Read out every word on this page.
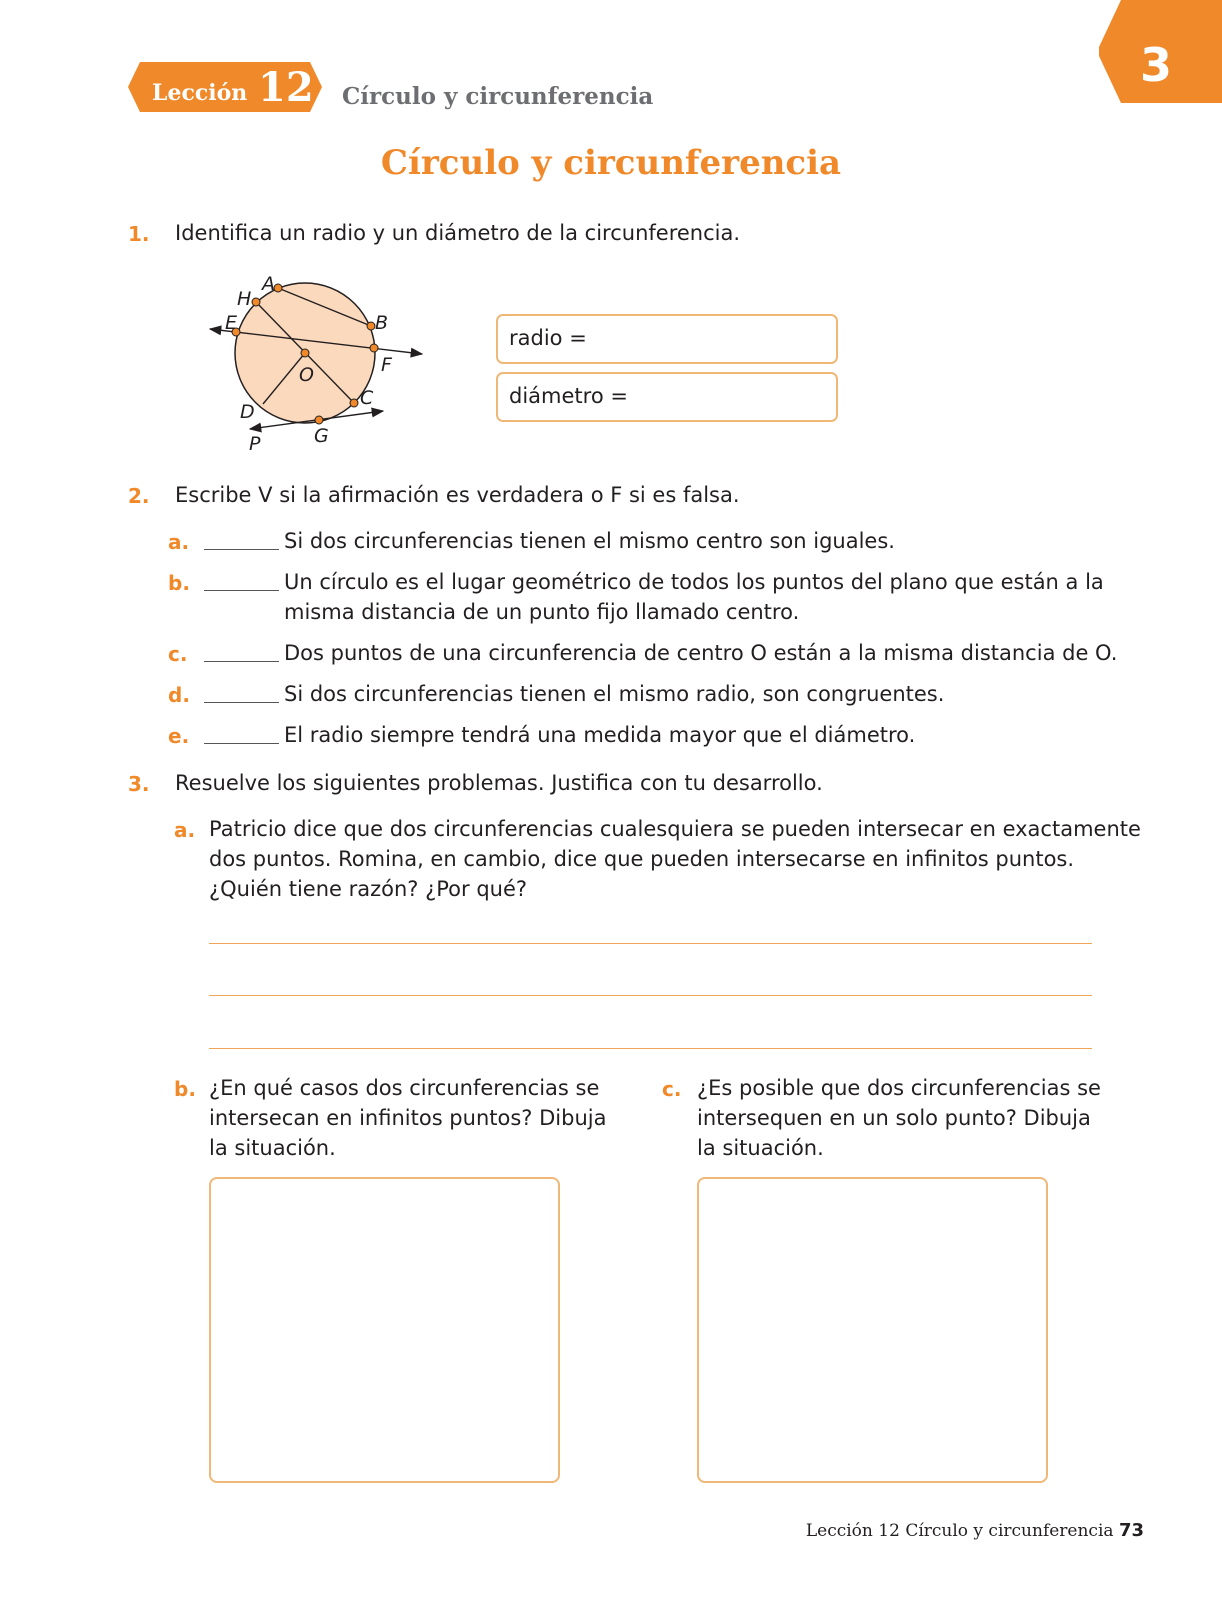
Lección 12 Círculo y circunferencia
3
Círculo y circunferencia
1. Identifica un radio y un diámetro de la circunferencia.
A
H
E	B
F
O
C
D
G
P
radio =
diámetro =
2. Escribe V si la afirmación es verdadera o F si es falsa.
a.	Si dos circunferencias tienen el mismo centro son iguales.
b.	Un círculo es el lugar geométrico de todos los puntos del plano que están a la
misma distancia de un punto fijo llamado centro.
c.	Dos puntos de una circunferencia de centro O están a la misma distancia de O.
d.	Si dos circunferencias tienen el mismo radio, son congruentes.
e.	El radio siempre tendrá una medida mayor que el diámetro.
3. Resuelve los siguientes problemas. Justifica con tu desarrollo.
a. Patricio dice que dos circunferencias cualesquiera se pueden intersecar en exactamente
dos puntos. Romina, en cambio, dice que pueden intersecarse en infinitos puntos.
¿Quién tiene razón? ¿Por qué?
b. ¿En qué casos dos circunferencias se
intersecan en infinitos puntos? Dibuja
la situación.
c. ¿Es posible que dos circunferencias se
intersequen en un solo punto? Dibuja
la situación.
Lección 12 Círculo y circunferencia 73
